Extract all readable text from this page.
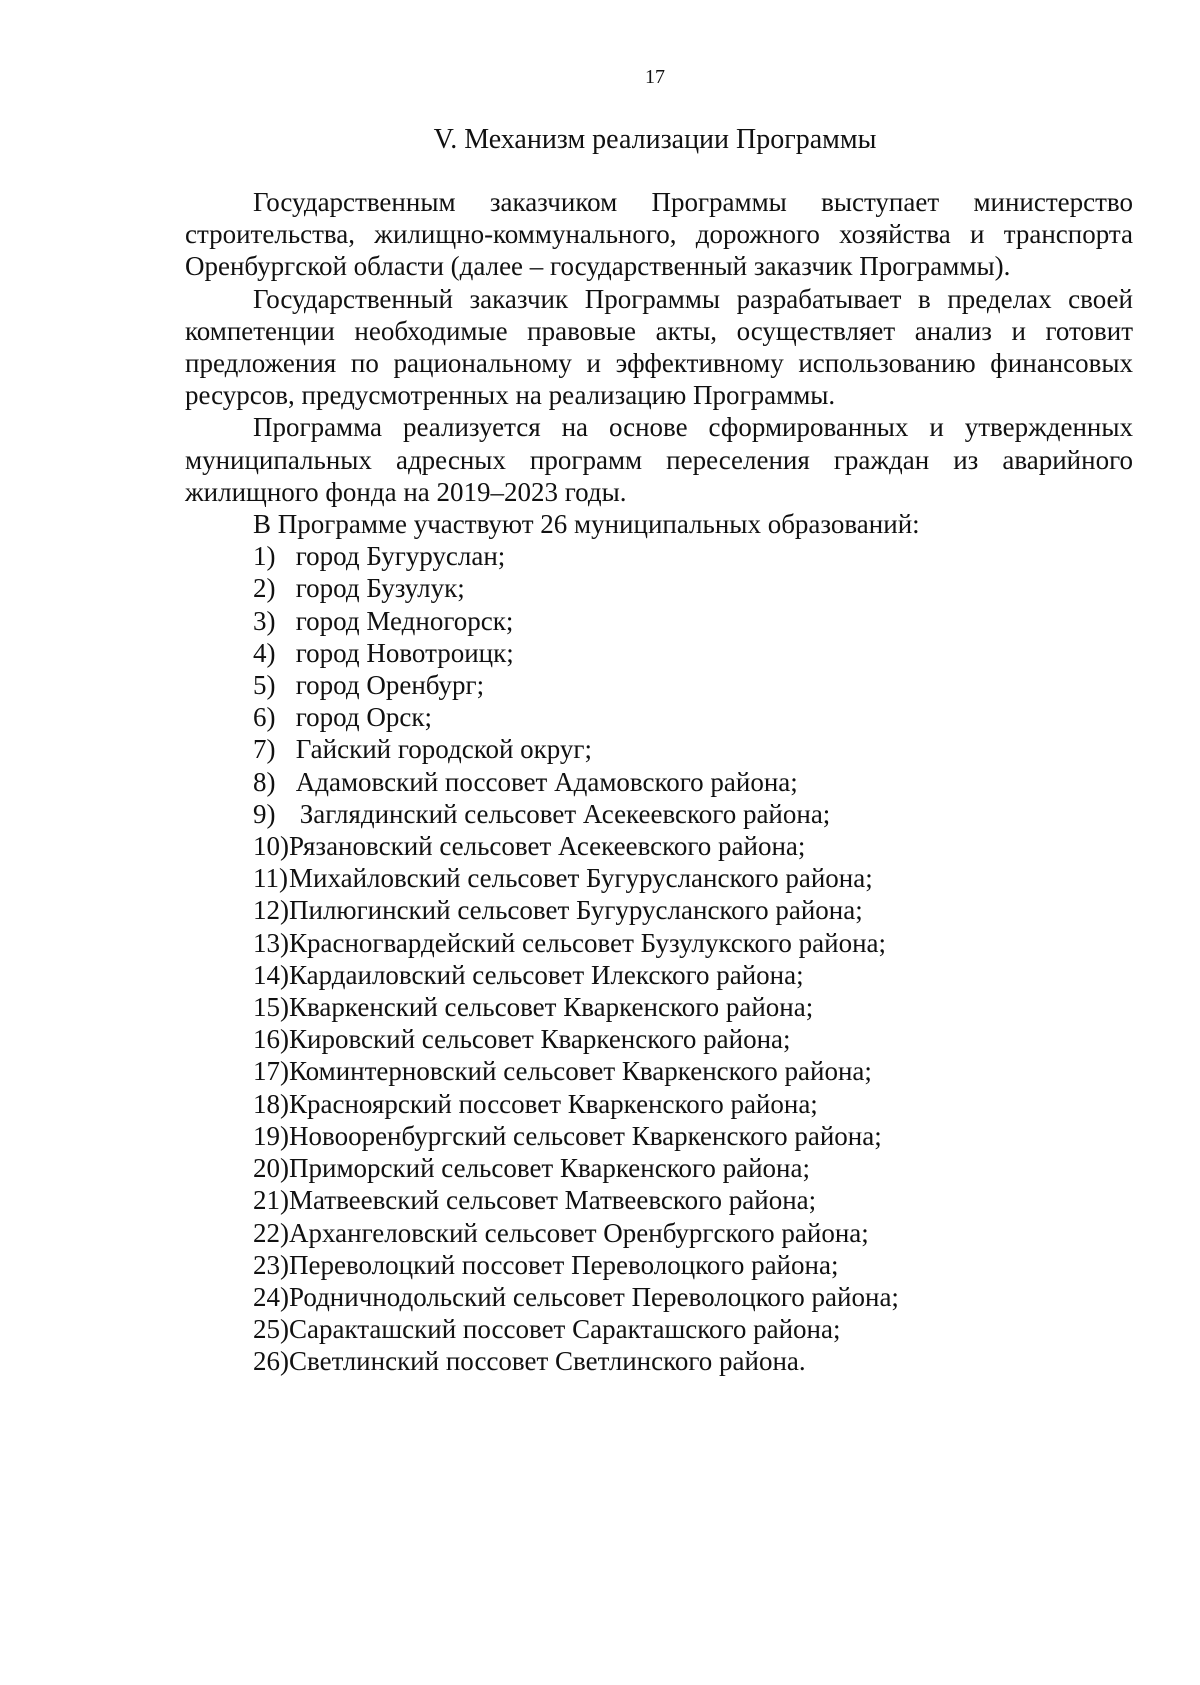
17
V. Механизм реализации Программы

Государственным заказчиком Программы выступает министерство строительства, жилищно-коммунального, дорожного хозяйства и транспорта Оренбургской области (далее – государственный заказчик Программы).

Государственный заказчик Программы разрабатывает в пределах своей компетенции необходимые правовые акты, осуществляет анализ и готовит предложения по рациональному и эффективному использованию финансовых ресурсов, предусмотренных на реализацию Программы.

Программа реализуется на основе сформированных и утвержденных муниципальных адресных программ переселения граждан из аварийного жилищного фонда на 2019–2023 годы.

В Программе участвуют 26 муниципальных образований:

1) город Бугуруслан;
2) город Бузулук;
3) город Медногорск;
4) город Новотроицк;
5) город Оренбург;
6) город Орск;
7) Гайский городской округ;
8) Адамовский поссовет Адамовского района;
9) Заглядинский сельсовет Асекеевского района;
10)Рязановский сельсовет Асекеевского района;
11)Михайловский сельсовет Бугурусланского района;
12)Пилюгинский сельсовет Бугурусланского района;
13)Красногвардейский сельсовет Бузулукского района;
14)Кардаиловский сельсовет Илекского района;
15)Кваркенский сельсовет Кваркенского района;
16)Кировский сельсовет Кваркенского района;
17)Коминтерновский сельсовет Кваркенского района;
18)Красноярский поссовет Кваркенского района;
19)Новооренбургский сельсовет Кваркенского района;
20)Приморский сельсовет Кваркенского района;
21)Матвеевский сельсовет Матвеевского района;
22)Архангеловский сельсовет Оренбургского района;
23)Переволоцкий поссовет Переволоцкого района;
24)Родничнодольский сельсовет Переволоцкого района;
25)Саракташский поссовет Саракташского района;
26)Светлинский поссовет Светлинского района.
